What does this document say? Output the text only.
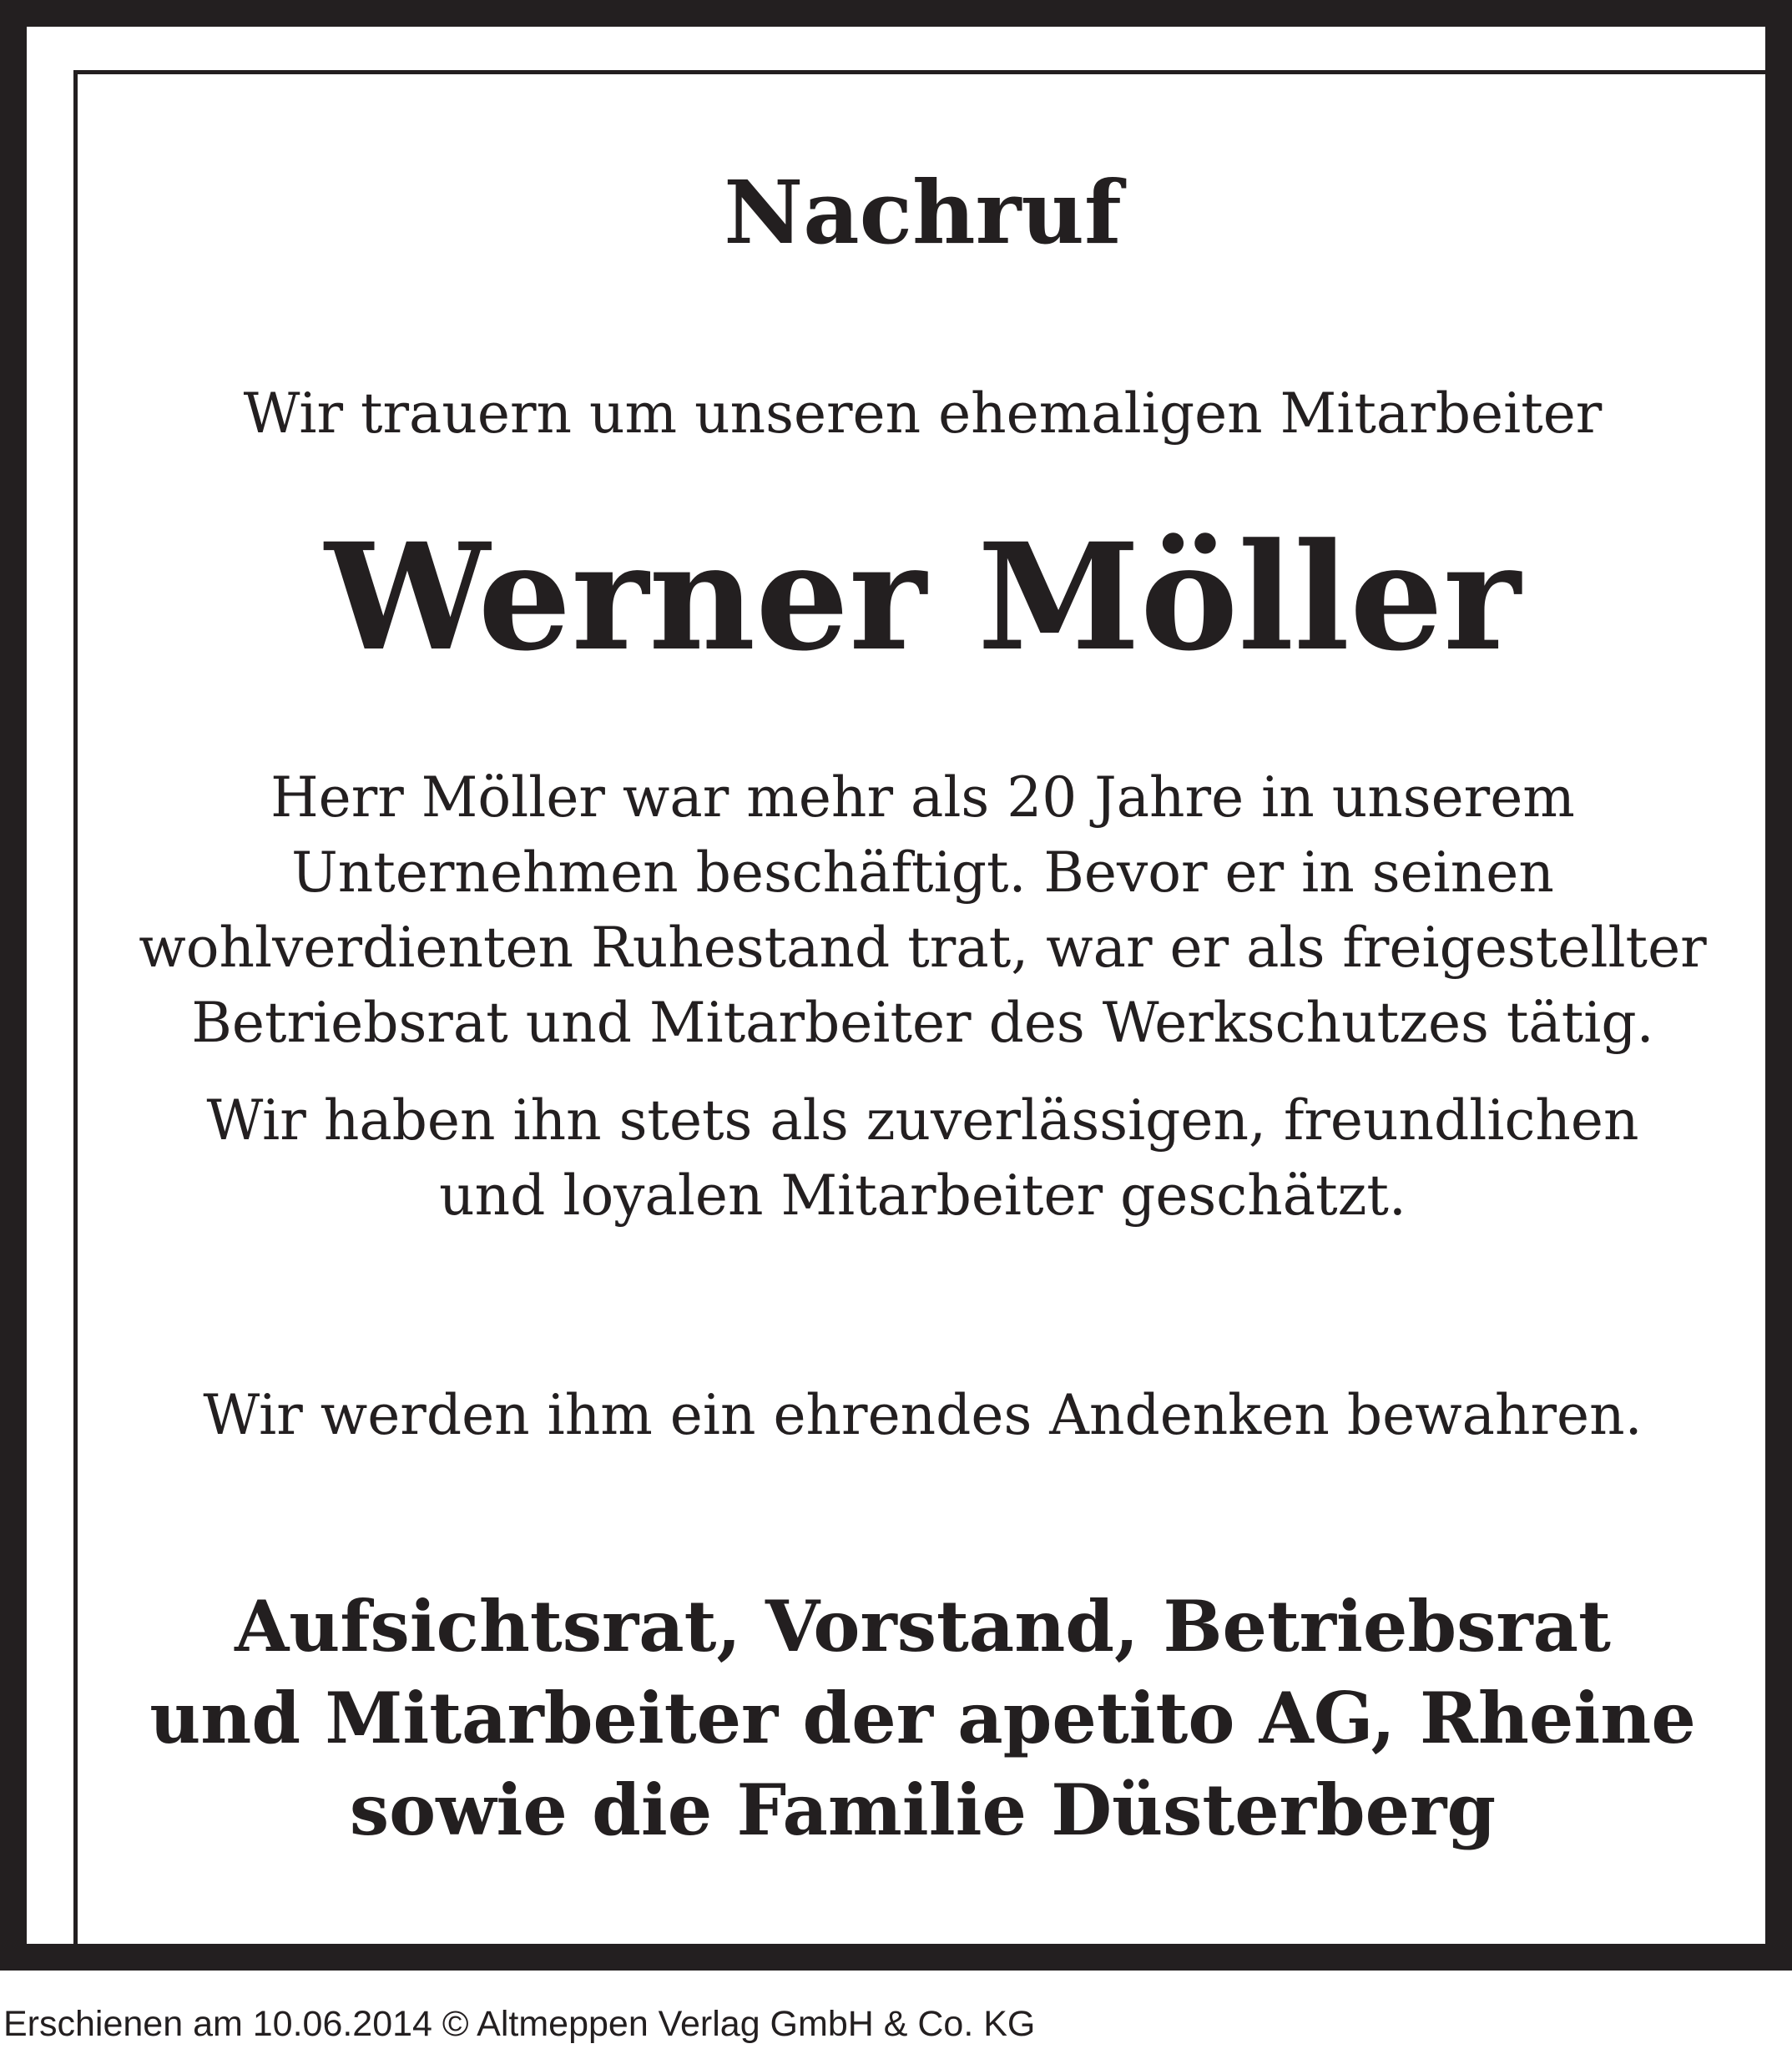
Nachruf
Wir trauern um unseren ehemaligen Mitarbeiter
Werner Möller
Herr Möller war mehr als 20 Jahre in unserem
Unternehmen beschäftigt. Bevor er in seinen
wohlverdienten Ruhestand trat, war er als freigestellter
Betriebsrat und Mitarbeiter des Werkschutzes tätig.
Wir haben ihn stets als zuverlässigen, freundlichen
und loyalen Mitarbeiter geschätzt.
Wir werden ihm ein ehrendes Andenken bewahren.
Aufsichtsrat, Vorstand, Betriebsrat
und Mitarbeiter der apetito AG, Rheine
sowie die Familie Düsterberg
Erschienen am 10.06.2014 © Altmeppen Verlag GmbH & Co. KG
